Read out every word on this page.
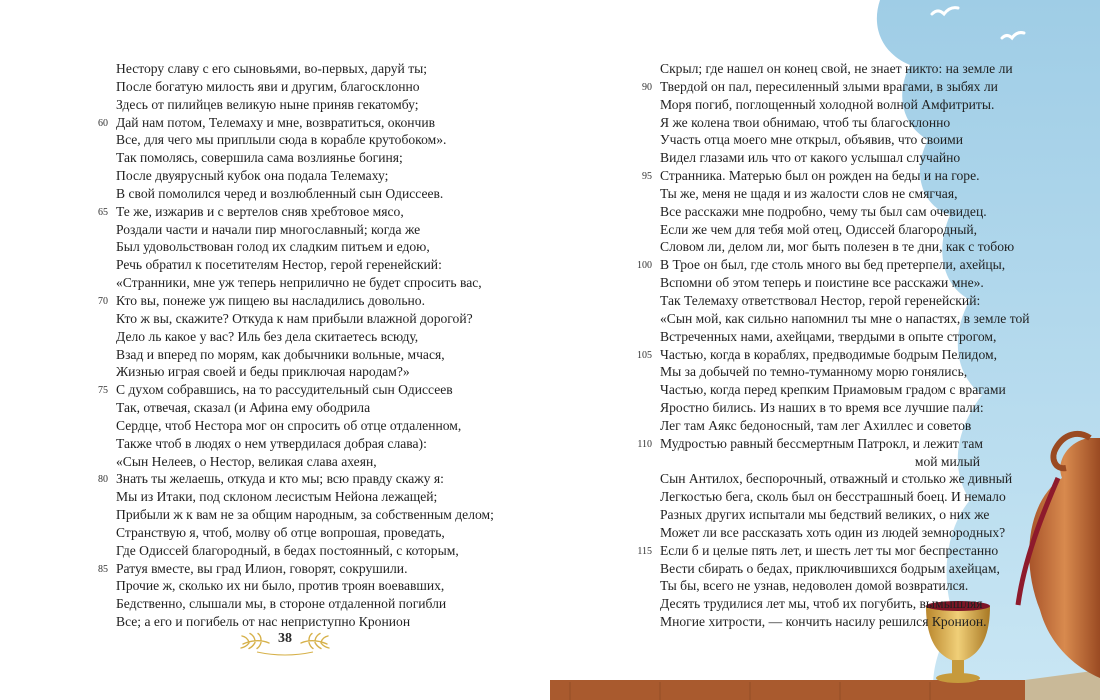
Нестору славу с его сыновьями, во-первых, даруй ты;
После богатую милость яви и другим, благосклонно
Здесь от пилийцев великую ныне приняв гекатомбу;
60 Дай нам потом, Телемаху и мне, возвратиться, окончив
Все, для чего мы приплыли сюда в корабле крутобоком».
Так помолясь, совершила сама возлиянье богиня;
После двуярусный кубок она подала Телемаху;
В свой помолился черед и возлюбленный сын Одиссеев.
65 Те же, изжарив и с вертелов сняв хребтовое мясо,
Роздали части и начали пир многославный; когда же
Был удовольствован голод их сладким питьем и едою,
Речь обратил к посетителям Нестор, герой геренейский:
«Странники, мне уж теперь неприлично не будет спросить вас,
70 Кто вы, понеже уж пищею вы насладились довольно.
Кто ж вы, скажите? Откуда к нам прибыли влажной дорогой?
Дело ль какое у вас? Иль без дела скитаетесь всюду,
Взад и вперед по морям, как добычники вольные, мчася,
Жизнью играя своей и беды приключая народам?»
75 С духом собравшись, на то рассудительный сын Одиссеев
Так, отвечая, сказал (и Афина ему ободрила
Сердце, чтоб Нестора мог он спросить об отце отдаленном,
Также чтоб в людях о нем утвердилася добрая слава):
«Сын Нелеев, о Нестор, великая слава ахеян,
80 Знать ты желаешь, откуда и кто мы; всю правду скажу я:
Мы из Итаки, под склоном лесистым Нейона лежащей;
Прибыли ж к вам не за общим народным, за собственным делом;
Странствую я, чтоб, молву об отце вопрошая, проведать,
Где Одиссей благородный, в бедах постоянный, с которым,
85 Ратуя вместе, вы град Илион, говорят, сокрушили.
Прочие ж, сколько их ни было, против троян воевавших,
Бедственно, слышали мы, в стороне отдаленной погибли
Все; а его и погибель от нас неприступно Кронион
38
Скрыл; где нашел он конец свой, не знает никто: на земле ли
90 Твердой он пал, пересиленный злыми врагами, в зыбях ли
Моря погиб, поглощенный холодной волной Амфитриты.
Я же колена твои обнимаю, чтоб ты благосклонно
Участь отца моего мне открыл, объявив, что своими
Видел глазами иль что от какого услышал случайно
95 Странника. Матерью был он рожден на беды и на горе.
Ты же, меня не щадя и из жалости слов не смягчая,
Все расскажи мне подробно, чему ты был сам очевидец.
Если же чем для тебя мой отец, Одиссей благородный,
Словом ли, делом ли, мог быть полезен в те дни, как с тобою
100 В Трое он был, где столь много вы бед претерпели, ахейцы,
Вспомни об этом теперь и поистине все расскажи мне».
Так Телемаху ответствовал Нестор, герой геренейский:
«Сын мой, как сильно напомнил ты мне о напастях, в земле той
Встреченных нами, ахейцами, твердыми в опыте строгом,
105 Частью, когда в кораблях, предводимые бодрым Пелидом,
Мы за добычей по темно-туманному морю гонялись,
Частью, когда перед крепким Приамовым градом с врагами
Яростно бились. Из наших в то время все лучшие пали:
Лег там Аякс бедоносный, там лег Ахиллес и советов
110 Мудростью равный бессмертным Патрокл, и лежит там
мой милый
Сын Антилох, беспорочный, отважный и столько же дивный
Легкостью бега, сколь был он бесстрашный боец. И немало
Разных других испытали мы бедствий великих, о них же
Может ли все рассказать хоть один из людей земнородных?
115 Если б и целые пять лет, и шесть лет ты мог беспрестанно
Вести сбирать о бедах, приключившихся бодрым ахейцам,
Ты бы, всего не узнав, недоволен домой возвратился.
Десять трудилися лет мы, чтоб их погубить, вымышляя
Многие хитрости, — кончить насилу решился Кронион.
